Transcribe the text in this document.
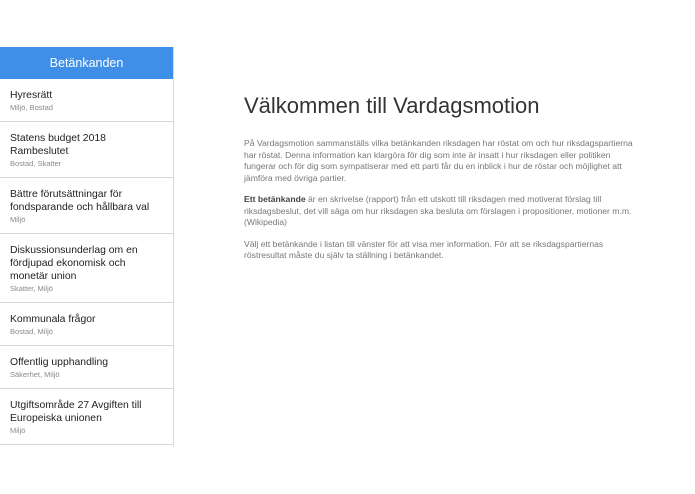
Betänkanden
Hyresrätt
Miljö, Bostad
Statens budget 2018 Rambeslutet
Bostad, Skatter
Bättre förutsättningar för fondsparande och hållbara val
Miljö
Diskussionsunderlag om en fördjupad ekonomisk och monetär union
Skatter, Miljö
Kommunala frågor
Bostad, Miljö
Offentlig upphandling
Säkerhet, Miljö
Utgiftsområde 27 Avgiften till Europeiska unionen
Miljö
Välkommen till Vardagsmotion

På Vardagsmotion sammanställs vilka betänkanden riksdagen har röstat om och hur riksdagspartierna har röstat. Denna information kan klargöra för dig som inte är insatt i hur riksdagen eller politiken fungerar och för dig som sympatiserar med ett parti får du en inblick i hur de röstar och möjlighet att jämföra med övriga partier.

Ett betänkande är en skrivelse (rapport) från ett utskott till riksdagen med motiverat förslag till riksdagsbeslut, det vill säga om hur riksdagen ska besluta om förslagen i propositioner, motioner m.m. (Wikipedia)

Välj ett betänkande i listan till vänster för att visa mer information. För att se riksdagspartiernas röstresultat måste du själv ta ställning i betänkandet.
